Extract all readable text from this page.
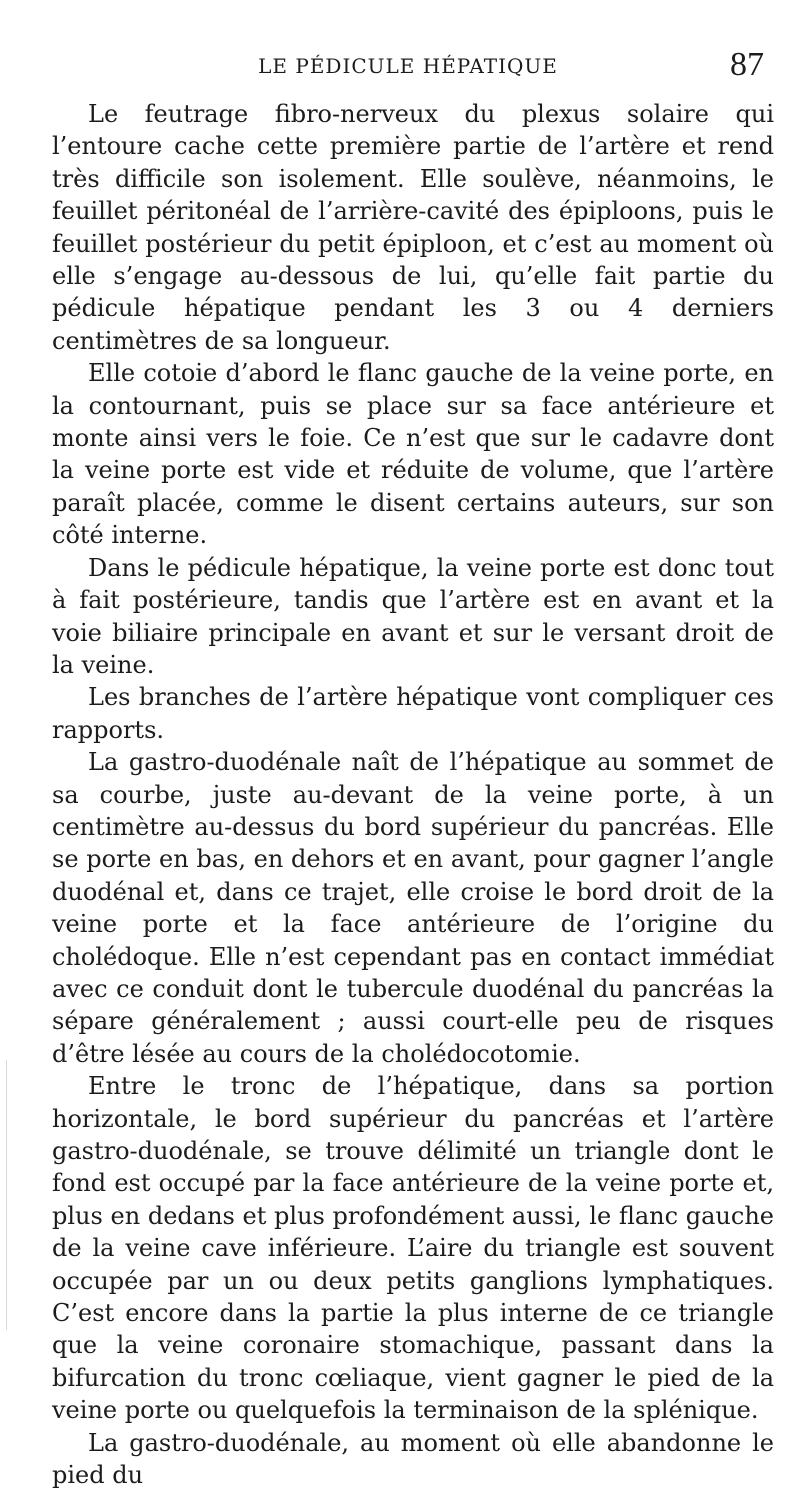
LE PÉDICULE HÉPATIQUE	87

Le feutrage fibro-nerveux du plexus solaire qui l’entoure cache cette première partie de l’artère et rend très difficile son isolement. Elle soulève, néanmoins, le feuillet péritonéal de l’arrière-cavité des épiploons, puis le feuillet postérieur du petit épiploon, et c’est au moment où elle s’engage au-dessous de lui, qu’elle fait partie du pédicule hépatique pendant les 3 ou 4 derniers centimètres de sa longueur.

Elle cotoie d’abord le flanc gauche de la veine porte, en la contournant, puis se place sur sa face antérieure et monte ainsi vers le foie. Ce n’est que sur le cadavre dont la veine porte est vide et réduite de volume, que l’artère paraît placée, comme le disent certains auteurs, sur son côté interne.

Dans le pédicule hépatique, la veine porte est donc tout à fait postérieure, tandis que l’artère est en avant et la voie biliaire principale en avant et sur le versant droit de la veine.

Les branches de l’artère hépatique vont compliquer ces rapports.

La gastro-duodénale naît de l’hépatique au sommet de sa courbe, juste au-devant de la veine porte, à un centimètre au-dessus du bord supérieur du pancréas. Elle se porte en bas, en dehors et en avant, pour gagner l’angle duodénal et, dans ce trajet, elle croise le bord droit de la veine porte et la face antérieure de l’origine du cholédoque. Elle n’est cependant pas en contact immédiat avec ce conduit dont le tubercule duodénal du pancréas la sépare généralement ; aussi court-elle peu de risques d’être lésée au cours de la cholédocotomie.

Entre le tronc de l’hépatique, dans sa portion horizontale, le bord supérieur du pancréas et l’artère gastro-duodénale, se trouve délimité un triangle dont le fond est occupé par la face antérieure de la veine porte et, plus en dedans et plus profondément aussi, le flanc gauche de la veine cave inférieure. L’aire du triangle est souvent occupée par un ou deux petits ganglions lymphatiques. C’est encore dans la partie la plus interne de ce triangle que la veine coronaire stomachique, passant dans la bifurcation du tronc cœliaque, vient gagner le pied de la veine porte ou quelquefois la terminaison de la splénique.

La gastro-duodénale, au moment où elle abandonne le pied du
